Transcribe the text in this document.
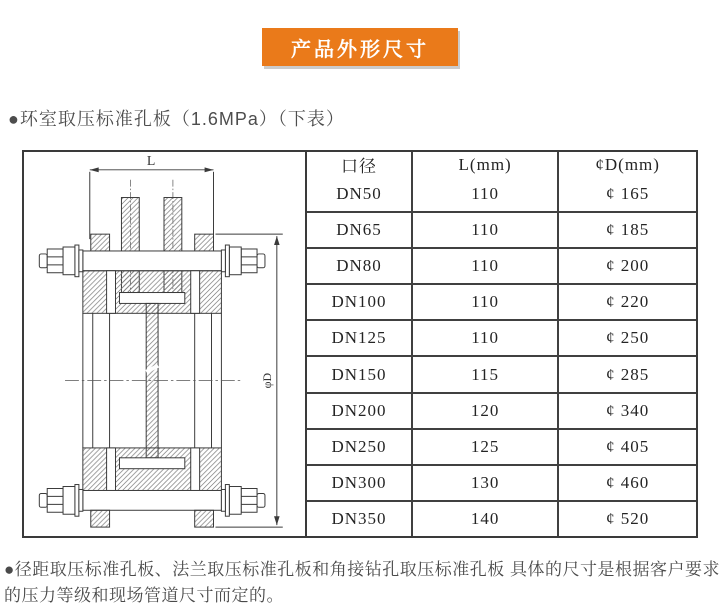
产品外形尺寸
●环室取压标准孔板（1.6MPa）（下表）
L
φD
口径	L(mm)	¢D(mm)
DN50	110	¢ 165
DN65	110	¢ 185
DN80	110	¢ 200
DN100	110	¢ 220
DN125	110	¢ 250
DN150	115	¢ 285
DN200	120	¢ 340
DN250	125	¢ 405
DN300	130	¢ 460
DN350	140	¢ 520
●径距取压标准孔板、法兰取压标准孔板和角接钻孔取压标准孔板 具体的尺寸是根据客户要求的压力等级和现场管道尺寸而定的。
